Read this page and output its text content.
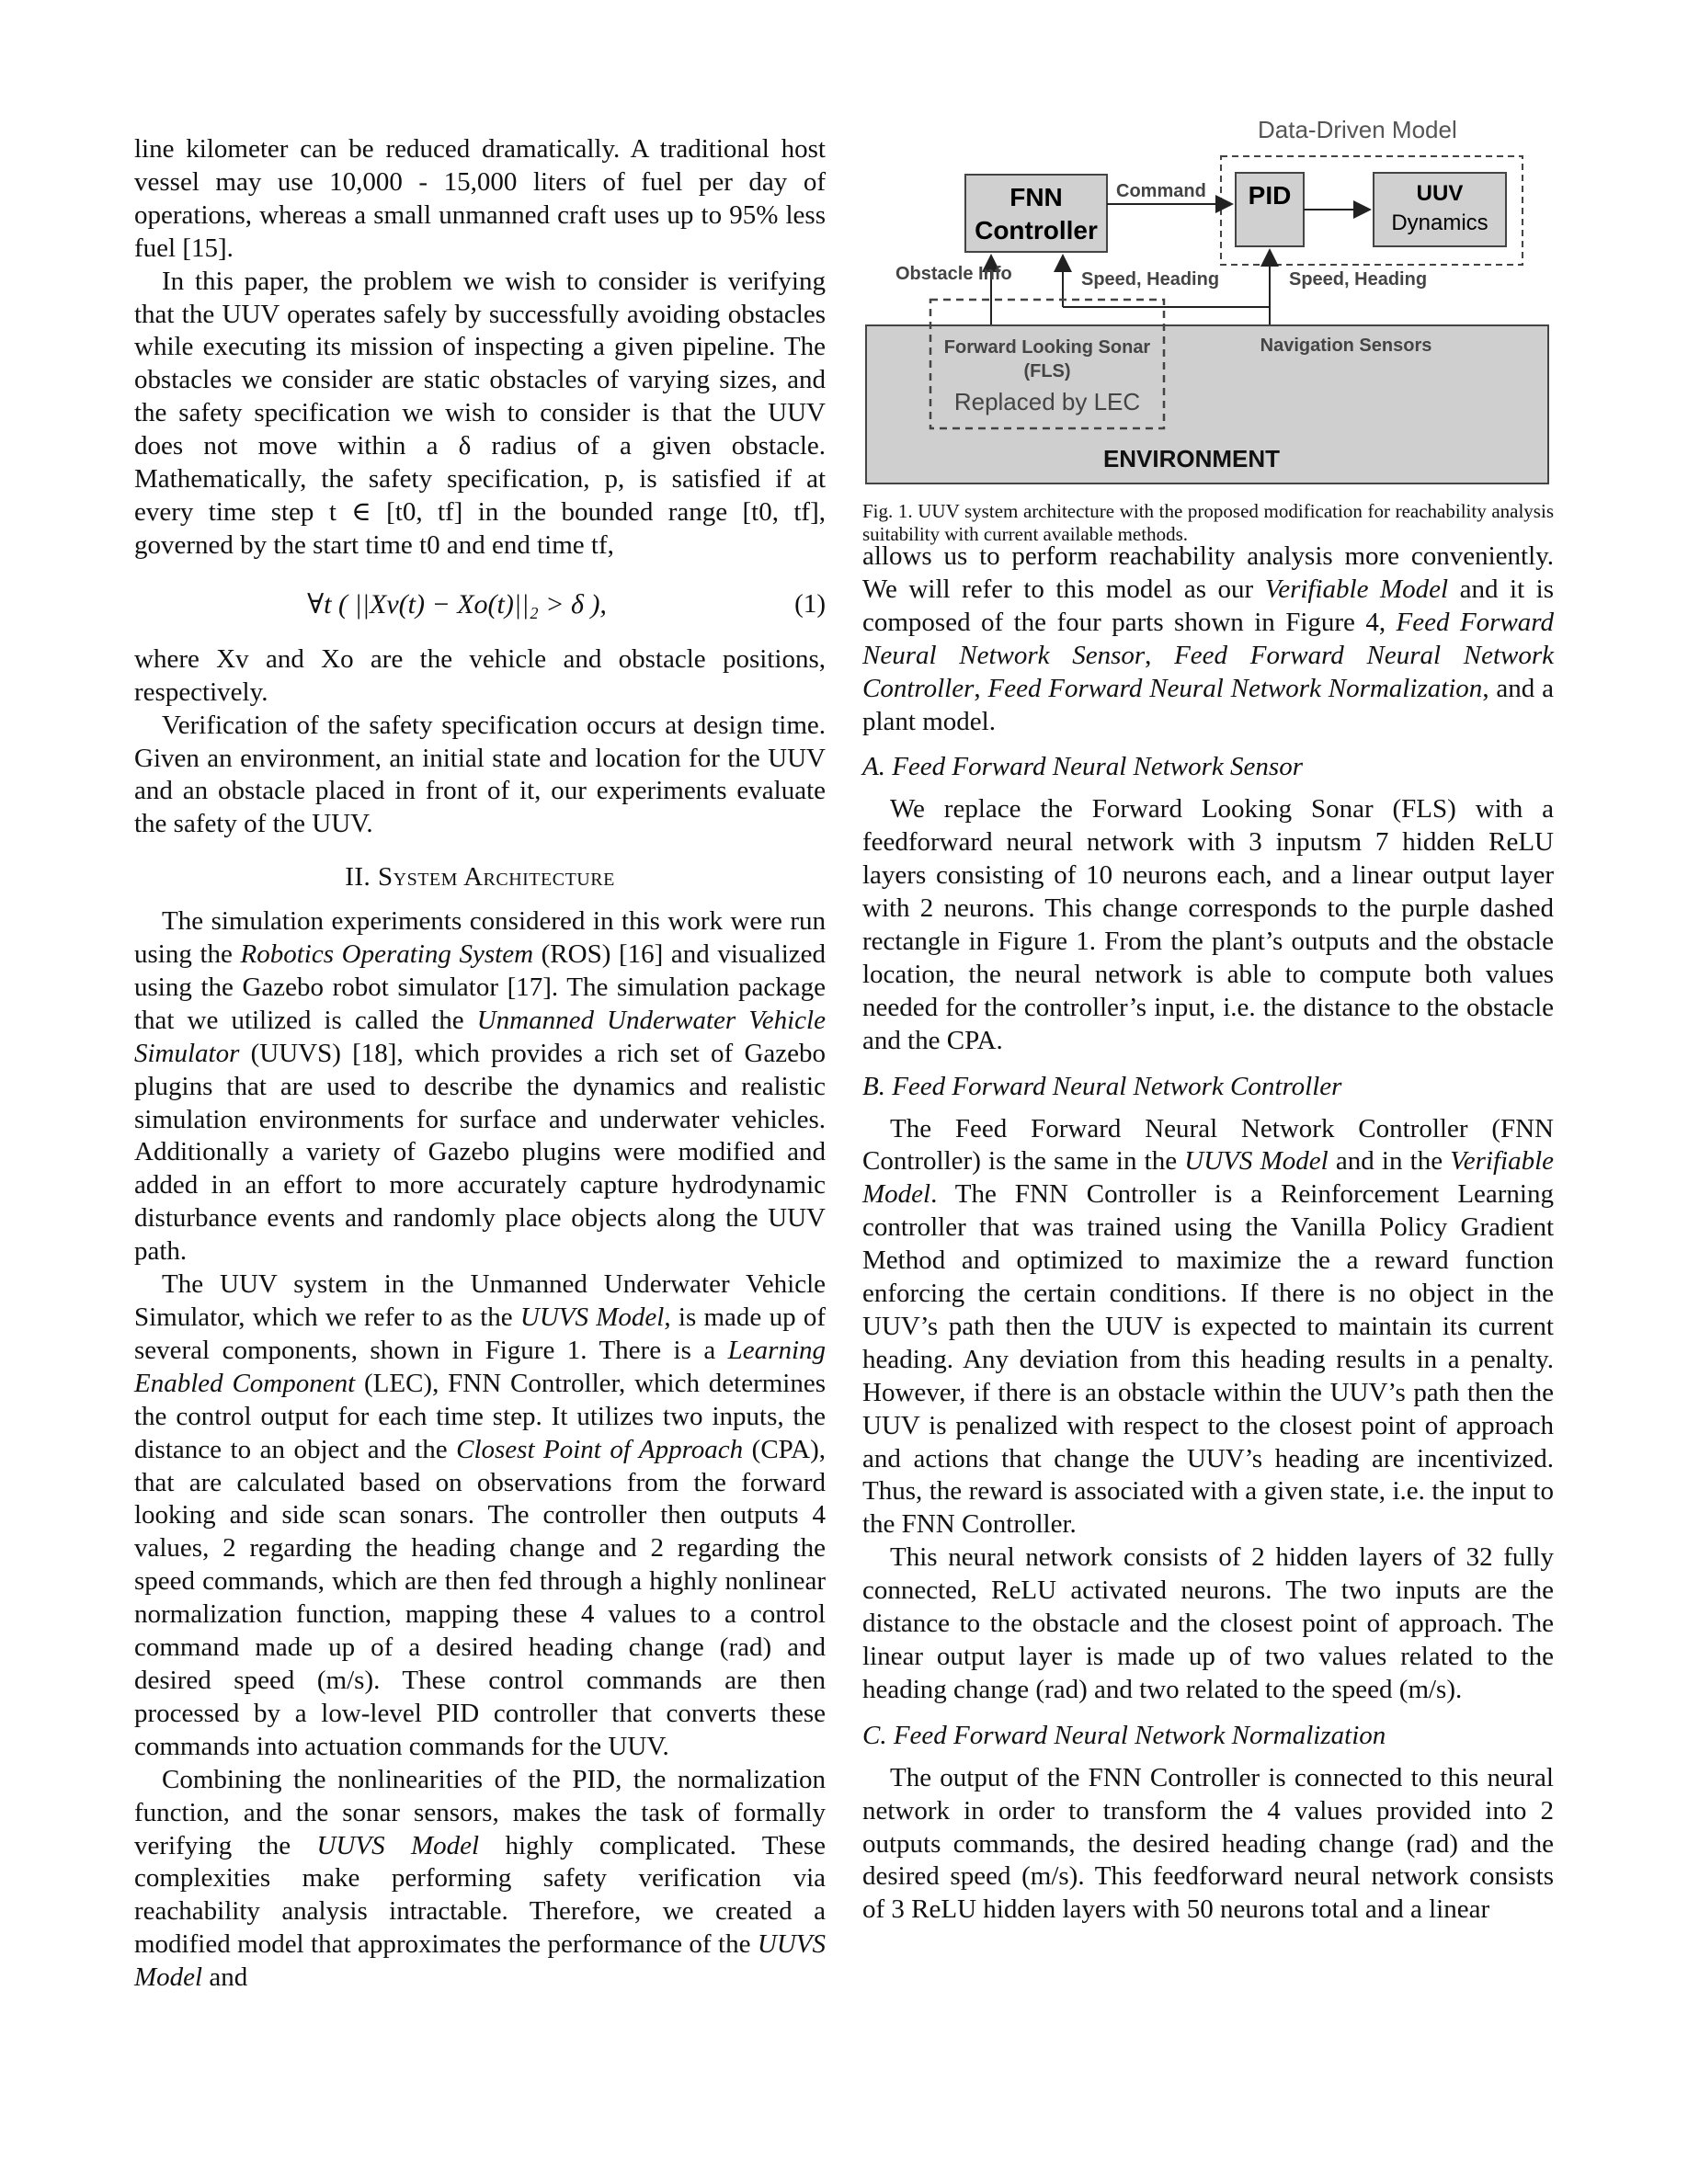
line kilometer can be reduced dramatically. A traditional host vessel may use 10,000 - 15,000 liters of fuel per day of operations, whereas a small unmanned craft uses up to 95% less fuel [15].

In this paper, the problem we wish to consider is verifying that the UUV operates safely by successfully avoiding obstacles while executing its mission of inspecting a given pipeline. The obstacles we consider are static obstacles of varying sizes, and the safety specification we wish to consider is that the UUV does not move within a δ radius of a given obstacle. Mathematically, the safety specification, p, is satisfied if at every time step t ∈ [t0, tf] in the bounded range [t0, tf], governed by the start time t0 and end time tf,

∀t ( ||Xv(t) − Xo(t)||₂ > δ ),	(1)

where Xv and Xo are the vehicle and obstacle positions, respectively.

Verification of the safety specification occurs at design time. Given an environment, an initial state and location for the UUV and an obstacle placed in front of it, our experiments evaluate the safety of the UUV.

II. System Architecture

The simulation experiments considered in this work were run using the Robotics Operating System (ROS) [16] and visualized using the Gazebo robot simulator [17]. The simulation package that we utilized is called the Unmanned Underwater Vehicle Simulator (UUVS) [18], which provides a rich set of Gazebo plugins that are used to describe the dynamics and realistic simulation environments for surface and underwater vehicles. Additionally a variety of Gazebo plugins were modified and added in an effort to more accurately capture hydrodynamic disturbance events and randomly place objects along the UUV path.

The UUV system in the Unmanned Underwater Vehicle Simulator, which we refer to as the UUVS Model, is made up of several components, shown in Figure 1. There is a Learning Enabled Component (LEC), FNN Controller, which determines the control output for each time step. It utilizes two inputs, the distance to an object and the Closest Point of Approach (CPA), that are calculated based on observations from the forward looking and side scan sonars. The controller then outputs 4 values, 2 regarding the heading change and 2 regarding the speed commands, which are then fed through a highly nonlinear normalization function, mapping these 4 values to a control command made up of a desired heading change (rad) and desired speed (m/s). These control commands are then processed by a low-level PID controller that converts these commands into actuation commands for the UUV.

Combining the nonlinearities of the PID, the normalization function, and the sonar sensors, makes the task of formally verifying the UUVS Model highly complicated. These complexities make performing safety verification via reachability analysis intractable. Therefore, we created a modified model that approximates the performance of the UUVS Model and

Data-Driven Model
FNN
Controller
PID	UUV
Dynamics
Command
Obstacle Info	Speed, Heading	Speed, Heading
Forward Looking Sonar
(FLS)
Replaced by LEC
Navigation Sensors
ENVIRONMENT
Fig. 1. UUV system architecture with the proposed modification for reachability analysis suitability with current available methods.

allows us to perform reachability analysis more conveniently. We will refer to this model as our Verifiable Model and it is composed of the four parts shown in Figure 4, Feed Forward Neural Network Sensor, Feed Forward Neural Network Controller, Feed Forward Neural Network Normalization, and a plant model.

A. Feed Forward Neural Network Sensor

We replace the Forward Looking Sonar (FLS) with a feedforward neural network with 3 inputsm 7 hidden ReLU layers consisting of 10 neurons each, and a linear output layer with 2 neurons. This change corresponds to the purple dashed rectangle in Figure 1. From the plant’s outputs and the obstacle location, the neural network is able to compute both values needed for the controller’s input, i.e. the distance to the obstacle and the CPA.

B. Feed Forward Neural Network Controller

The Feed Forward Neural Network Controller (FNN Controller) is the same in the UUVS Model and in the Verifiable Model. The FNN Controller is a Reinforcement Learning controller that was trained using the Vanilla Policy Gradient Method and optimized to maximize the a reward function enforcing the certain conditions. If there is no object in the UUV’s path then the UUV is expected to maintain its current heading. Any deviation from this heading results in a penalty. However, if there is an obstacle within the UUV’s path then the UUV is penalized with respect to the closest point of approach and actions that change the UUV’s heading are incentivized. Thus, the reward is associated with a given state, i.e. the input to the FNN Controller.

This neural network consists of 2 hidden layers of 32 fully connected, ReLU activated neurons. The two inputs are the distance to the obstacle and the closest point of approach. The linear output layer is made up of two values related to the heading change (rad) and two related to the speed (m/s).

C. Feed Forward Neural Network Normalization

The output of the FNN Controller is connected to this neural network in order to transform the 4 values provided into 2 outputs commands, the desired heading change (rad) and the desired speed (m/s). This feedforward neural network consists of 3 ReLU hidden layers with 50 neurons total and a linear
